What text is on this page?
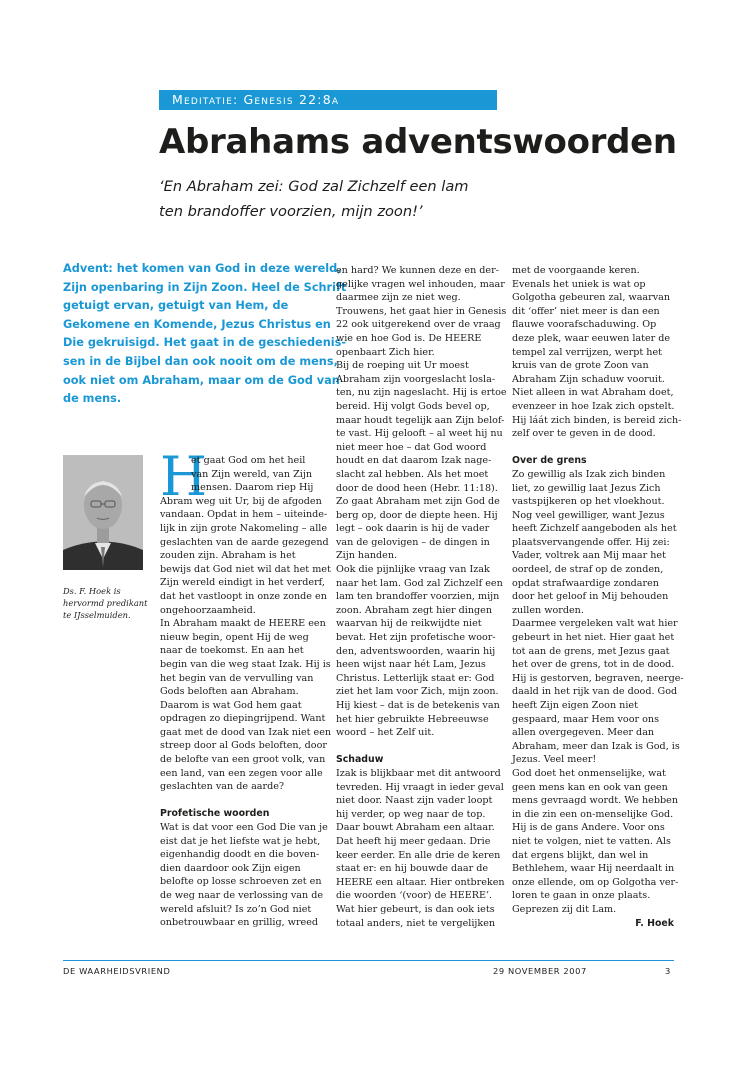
Meditatie: Genesis 22:8a
Abrahams adventswoorden
‘En Abraham zei: God zal Zichzelf een lam
ten brandoffer voorzien, mijn zoon!’
Advent: het komen van God in deze wereld,
Zijn openbaring in Zijn Zoon. Heel de Schrift
getuigt ervan, getuigt van Hem, de
Gekomene en Komende, Jezus Christus en
Die gekruisigd. Het gaat in de geschiedenis-
sen in de Bijbel dan ook nooit om de mens,
ook niet om Abraham, maar om de God van
de mens.
Ds. F. Hoek is
hervormd predikant
te IJsselmuiden.
H
et gaat God om het heil
van Zijn wereld, van Zijn
mensen. Daarom riep Hij
Abram weg uit Ur, bij de afgoden
vandaan. Opdat in hem – uiteinde-
lijk in zijn grote Nakomeling – alle
geslachten van de aarde gezegend
zouden zijn. Abraham is het
bewijs dat God niet wil dat het met
Zijn wereld eindigt in het verderf,
dat het vastloopt in onze zonde en
ongehoorzaamheid.
In Abraham maakt de HEERE een
nieuw begin, opent Hij de weg
naar de toekomst. En aan het
begin van die weg staat Izak. Hij is
het begin van de vervulling van
Gods beloften aan Abraham.
Daarom is wat God hem gaat
opdragen zo diepingrijpend. Want
gaat met de dood van Izak niet een
streep door al Gods beloften, door
de belofte van een groot volk, van
een land, van een zegen voor alle
geslachten van de aarde?
Profetische woorden
Wat is dat voor een God Die van je
eist dat je het liefste wat je hebt,
eigenhandig doodt en die boven-
dien daardoor ook Zijn eigen
belofte op losse schroeven zet en
de weg naar de verlossing van de
wereld afsluit? Is zo’n God niet
onbetrouwbaar en grillig, wreed
en hard? We kunnen deze en der-
gelijke vragen wel inhouden, maar
daarmee zijn ze niet weg.
Trouwens, het gaat hier in Genesis
22 ook uitgerekend over de vraag
wie en hoe God is. De HEERE
openbaart Zich hier.
Bij de roeping uit Ur moest
Abraham zijn voorgeslacht losla-
ten, nu zijn nageslacht. Hij is ertoe
bereid. Hij volgt Gods bevel op,
maar houdt tegelijk aan Zijn belof-
te vast. Hij gelooft – al weet hij nu
niet meer hoe – dat God woord
houdt en dat daarom Izak nage-
slacht zal hebben. Als het moet
door de dood heen (Hebr. 11:18).
Zo gaat Abraham met zijn God de
berg op, door de diepte heen. Hij
legt – ook daarin is hij de vader
van de gelovigen – de dingen in
Zijn handen.
Ook die pijnlijke vraag van Izak
naar het lam. God zal Zichzelf een
lam ten brandoffer voorzien, mijn
zoon. Abraham zegt hier dingen
waarvan hij de reikwijdte niet
bevat. Het zijn profetische woor-
den, adventswoorden, waarin hij
heen wijst naar hét Lam, Jezus
Christus. Letterlijk staat er: God
ziet het lam voor Zich, mijn zoon.
Hij kiest – dat is de betekenis van
het hier gebruikte Hebreeuwse
woord – het Zelf uit.
Schaduw
Izak is blijkbaar met dit antwoord
tevreden. Hij vraagt in ieder geval
niet door. Naast zijn vader loopt
hij verder, op weg naar de top.
Daar bouwt Abraham een altaar.
Dat heeft hij meer gedaan. Drie
keer eerder. En alle drie de keren
staat er: en hij bouwde daar de
HEERE een altaar. Hier ontbreken
die woorden ‘(voor) de HEERE’.
Wat hier gebeurt, is dan ook iets
totaal anders, niet te vergelijken
met de voorgaande keren.
Evenals het uniek is wat op
Golgotha gebeuren zal, waarvan
dit ‘offer’ niet meer is dan een
flauwe voorafschaduwing. Op
deze plek, waar eeuwen later de
tempel zal verrijzen, werpt het
kruis van de grote Zoon van
Abraham Zijn schaduw vooruit.
Niet alleen in wat Abraham doet,
evenzeer in hoe Izak zich opstelt.
Hij láát zich binden, is bereid zich-
zelf over te geven in de dood.
Over de grens
Zo gewillig als Izak zich binden
liet, zo gewillig laat Jezus Zich
vastspijkeren op het vloekhout.
Nog veel gewilliger, want Jezus
heeft Zichzelf aangeboden als het
plaatsvervangende offer. Hij zei:
Vader, voltrek aan Mij maar het
oordeel, de straf op de zonden,
opdat strafwaardige zondaren
door het geloof in Mij behouden
zullen worden.
Daarmee vergeleken valt wat hier
gebeurt in het niet. Hier gaat het
tot aan de grens, met Jezus gaat
het over de grens, tot in de dood.
Hij is gestorven, begraven, neerge-
daald in het rijk van de dood. God
heeft Zijn eigen Zoon niet
gespaard, maar Hem voor ons
allen overgegeven. Meer dan
Abraham, meer dan Izak is God, is
Jezus. Veel meer!
God doet het onmenselijke, wat
geen mens kan en ook van geen
mens gevraagd wordt. We hebben
in die zin een on-menselijke God.
Hij is de gans Andere. Voor ons
niet te volgen, niet te vatten. Als
dat ergens blijkt, dan wel in
Bethlehem, waar Hij neerdaalt in
onze ellende, om op Golgotha ver-
loren te gaan in onze plaats.
Geprezen zij dit Lam.
F. Hoek
DE WAARHEIDSVRIEND	29 NOVEMBER 2007	3
